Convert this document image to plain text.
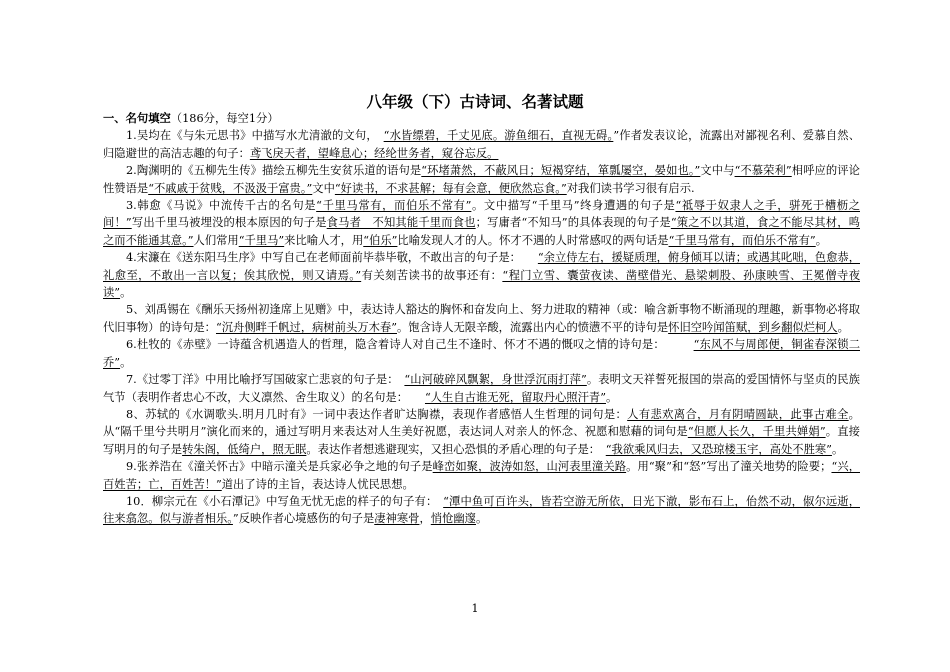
八年级（下）古诗词、名著试题

一、名句填空（186分，每空1分）

1.吴均在《与朱元思书》中描写水尤清澈的文句，　“水皆缥碧，千丈见底。游鱼细石，直视无碍。”作者发表议论，流露出对鄙视名利、爱慕自然、归隐避世的高洁志趣的句子：鸢飞戾天者，望峰息心；经纶世务者，窥谷忘反。

2.陶渊明的《五柳先生传》描绘五柳先生安贫乐道的语句是“环堵萧然，不蔽风日；短褐穿结，箪瓢屡空，晏如也。”文中与“不慕荣利”相呼应的评论性赞语是“不戚戚于贫贱，不汲汲于富贵。”文中“好读书，不求甚解；每有会意，便欣然忘食。”对我们读书学习很有启示.

3.韩愈《马说》中流传千古的名句是“千里马常有，而伯乐不常有”。文中描写“千里马”终身遭遇的句子是“祗辱于奴隶人之手，骈死于槽枥之间！”写出千里马被埋没的根本原因的句子是食马者　不知其能千里而食也；写庸者“不知马”的具体表现的句子是“策之不以其道，食之不能尽其材，鸣之而不能通其意。”人们常用“千里马”来比喻人才，用“伯乐”比喻发现人才的人。怀才不遇的人时常感叹的两句话是“千里马常有，而伯乐不常有”。

4.宋濂在《送东阳马生序》中写自己在老师面前毕恭毕敬，不敢出言的句子是：　　“余立侍左右，援疑质理，俯身倾耳以请；或遇其叱咄，色愈恭，礼愈至，不敢出一言以复；俟其欣悦，则又请焉。”有关刻苦读书的故事还有：“程门立雪、囊萤夜读、凿壁借光、悬梁刺股、孙康映雪、王冕僧寺夜读”。

5、刘禹锡在《酬乐天扬州初逢席上见赠》中，表达诗人豁达的胸怀和奋发向上、努力进取的精神（或：喻含新事物不断涌现的理趣，新事物必将取代旧事物）的诗句是：“沉舟侧畔千帆过，病树前头万木春”。饱含诗人无限辛酸，流露出内心的愤懑不平的诗句是怀旧空吟闻笛赋，到乡翻似烂柯人。

6.杜牧的《赤壁》一诗蕴含机遇造人的哲理，隐含着诗人对自己生不逢时、怀才不遇的慨叹之情的诗句是：　　　“东风不与周郎便，铜雀春深锁二乔”。

7.《过零丁洋》中用比喻抒写国破家亡悲哀的句子是：　“山河破碎风飘絮，身世浮沉雨打萍”。表明文天祥誓死报国的崇高的爱国情怀与坚贞的民族气节（表明作者忠心不改，大义凛然、舍生取义）的名句是：　　“人生自古谁无死，留取丹心照汗青”。

8、苏轼的《水调歌头.明月几时有》一词中表达作者旷达胸襟，表现作者感悟人生哲理的词句是：人有悲欢离合，月有阴晴圆缺，此事古难全。从“隔千里兮共明月”演化而来的，通过写明月来表达对人生美好祝愿，表达词人对亲人的怀念、祝愿和慰藉的词句是“但愿人长久，千里共婵娟”。直接写明月的句子是转朱阁，低绮户，照无眠。表达作者想逃避现实，又担心恐惧的矛盾心理的句子是：　“我欲乘风归去，又恐琼楼玉宇，高处不胜寒”。

9.张养浩在《潼关怀古》中暗示潼关是兵家必争之地的句子是峰峦如聚，波涛如怒，山河表里潼关路。用“聚”和“怒”写出了潼关地势的险要；“兴，百姓苦；亡，百姓苦！”道出了诗的主旨，表达诗人忧民思想。

10．柳宗元在《小石潭记》中写鱼无忧无虑的样子的句子有：　“潭中鱼可百许头，皆若空游无所依，日光下澈，影布石上，佁然不动，俶尔远逝，往来翕忽。似与游者相乐。”反映作者心境感伤的句子是凄神寒骨，悄怆幽邃。

1
